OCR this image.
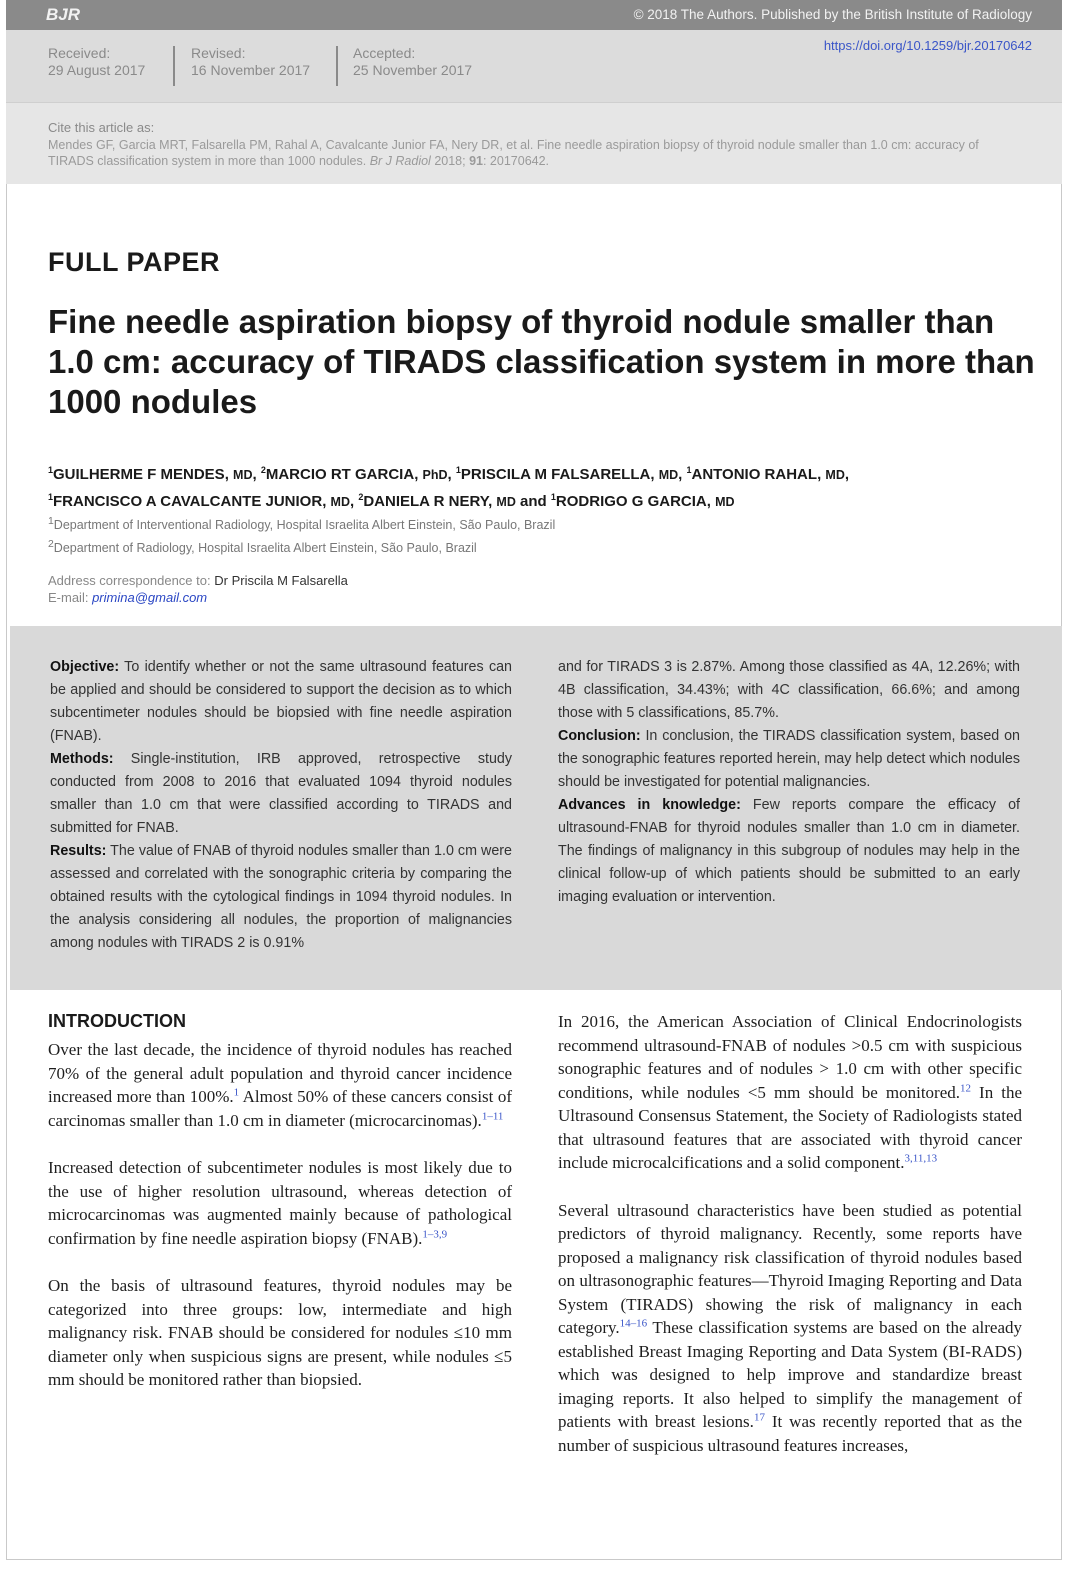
BJR	© 2018 The Authors. Published by the British Institute of Radiology
Received:
29 August 2017
Revised:
16 November 2017
Accepted:
25 November 2017
https://doi.org/10.1259/bjr.20170642
Cite this article as:
Mendes GF, Garcia MRT, Falsarella PM, Rahal A, Cavalcante Junior FA, Nery DR, et al. Fine needle aspiration biopsy of thyroid nodule smaller than 1.0 cm: accuracy of TIRADS classification system in more than 1000 nodules. Br J Radiol 2018; 91: 20170642.
FULL PAPER
Fine needle aspiration biopsy of thyroid nodule smaller than 1.0 cm: accuracy of TIRADS classification system in more than 1000 nodules
$^1$GUILHERME F MENDES, MD, $^2$MARCIO RT GARCIA, PhD, $^1$PRISCILA M FALSARELLA, MD, $^1$ANTONIO RAHAL, MD,
$^1$FRANCISCO A CAVALCANTE JUNIOR, MD, $^2$DANIELA R NERY, MD and $^1$RODRIGO G GARCIA, MD
$^1$Department of Interventional Radiology, Hospital Israelita Albert Einstein, São Paulo, Brazil
$^2$Department of Radiology, Hospital Israelita Albert Einstein, São Paulo, Brazil
Address correspondence to: Dr Priscila M Falsarella
E-mail: primina@gmail.com
Objective: To identify whether or not the same ultrasound features can be applied and should be considered to support the decision as to which subcentimeter nodules should be biopsied with fine needle aspiration (FNAB).
Methods: Single-institution, IRB approved, retrospective study conducted from 2008 to 2016 that evaluated 1094 thyroid nodules smaller than 1.0 cm that were classified according to TIRADS and submitted for FNAB.
Results: The value of FNAB of thyroid nodules smaller than 1.0 cm were assessed and correlated with the sonographic criteria by comparing the obtained results with the cytological findings in 1094 thyroid nodules. In the analysis considering all nodules, the proportion of malignancies among nodules with TIRADS 2 is 0.91%
and for TIRADS 3 is 2.87%. Among those classified as 4A, 12.26%; with 4B classification, 34.43%; with 4C classification, 66.6%; and among those with 5 classifications, 85.7%.
Conclusion: In conclusion, the TIRADS classification system, based on the sonographic features reported herein, may help detect which nodules should be investigated for potential malignancies.
Advances in knowledge: Few reports compare the efficacy of ultrasound-FNAB for thyroid nodules smaller than 1.0 cm in diameter. The findings of malignancy in this subgroup of nodules may help in the clinical follow-up of which patients should be submitted to an early imaging evaluation or intervention.
INTRODUCTION

Over the last decade, the incidence of thyroid nodules has reached 70% of the general adult population and thyroid cancer incidence increased more than 100%.$^1$ Almost 50% of these cancers consist of carcinomas smaller than 1.0 cm in diameter (microcarcinomas).$^{1-11}$

Increased detection of subcentimeter nodules is most likely due to the use of higher resolution ultrasound, whereas detection of microcarcinomas was augmented mainly because of pathological confirmation by fine needle aspiration biopsy (FNAB).$^{1-3,9}$

On the basis of ultrasound features, thyroid nodules may be categorized into three groups: low, intermediate and high malignancy risk. FNAB should be considered for nodules ≤10 mm diameter only when suspicious signs are present, while nodules ≤5 mm should be monitored rather than biopsied.

In 2016, the American Association of Clinical Endocrinologists recommend ultrasound-FNAB of nodules >0.5 cm with suspicious sonographic features and of nodules > 1.0 cm with other specific conditions, while nodules <5 mm should be monitored.$^{12}$ In the Ultrasound Consensus Statement, the Society of Radiologists stated that ultrasound features that are associated with thyroid cancer include microcalcifications and a solid component.$^{3,11,13}$

Several ultrasound characteristics have been studied as potential predictors of thyroid malignancy. Recently, some reports have proposed a malignancy risk classification of thyroid nodules based on ultrasonographic features—Thyroid Imaging Reporting and Data System (TIRADS) showing the risk of malignancy in each category.$^{14-16}$ These classification systems are based on the already established Breast Imaging Reporting and Data System (BI-RADS) which was designed to help improve and standardize breast imaging reports. It also helped to simplify the management of patients with breast lesions.$^{17}$ It was recently reported that as the number of suspicious ultrasound features increases,
